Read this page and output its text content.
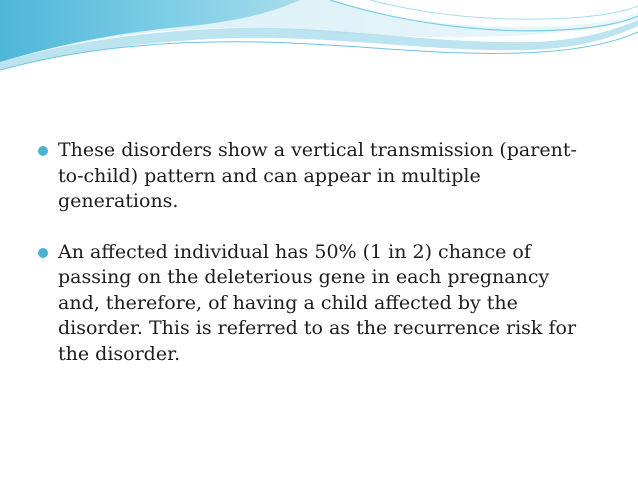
These disorders show a vertical transmission (parent-to-child) pattern and can appear in multiple generations.
An affected individual has 50% (1 in 2) chance of passing on the deleterious gene in each pregnancy and, therefore, of having a child affected by the disorder. This is referred to as the recurrence risk for the disorder.
